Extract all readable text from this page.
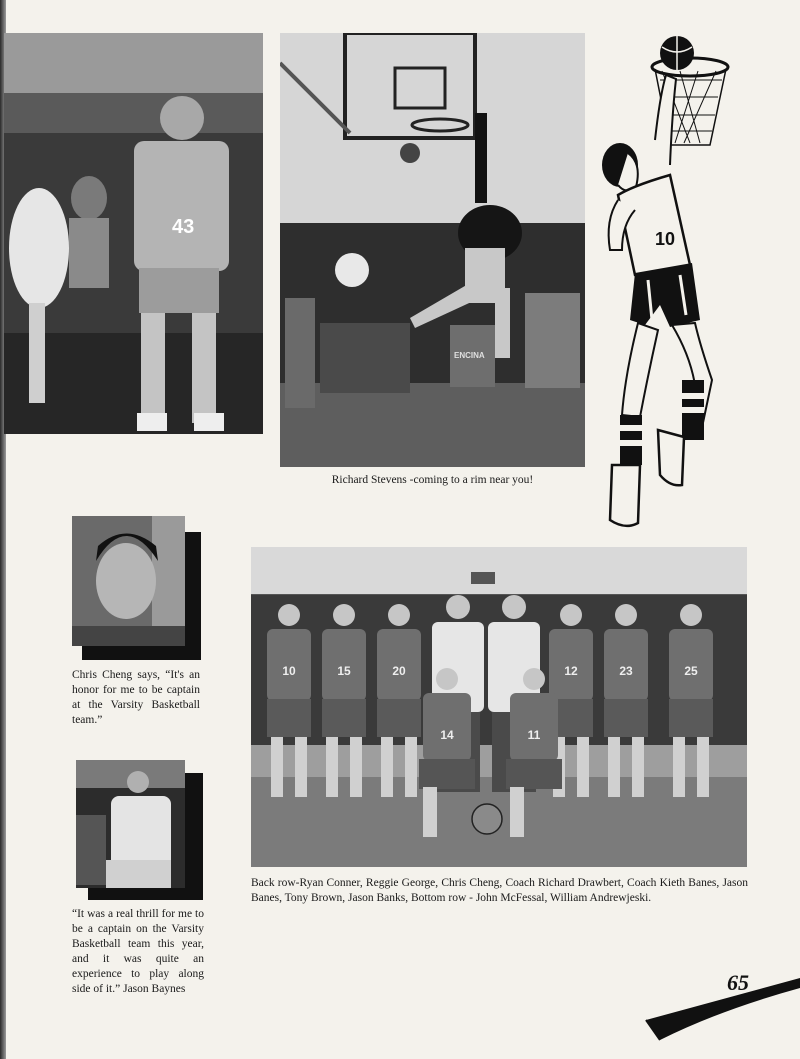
43
ENCINA
Richard Stevens -coming to a rim near you!
10
Chris Cheng says, “It's an honor for me to be captain at the Varsity Basketball team.”
“It was a real thrill for me to be a captain on the Varsity Basketball team this year, and it was quite an experience to play along side of it.” Jason Baynes
10	15	20	12	23	25
14	11
Back row-Ryan Conner, Reggie George, Chris Cheng, Coach Richard Drawbert, Coach Kieth Banes, Jason Banes, Tony Brown, Jason Banks, Bottom row - John McFessal, William Andrewjeski.
65
